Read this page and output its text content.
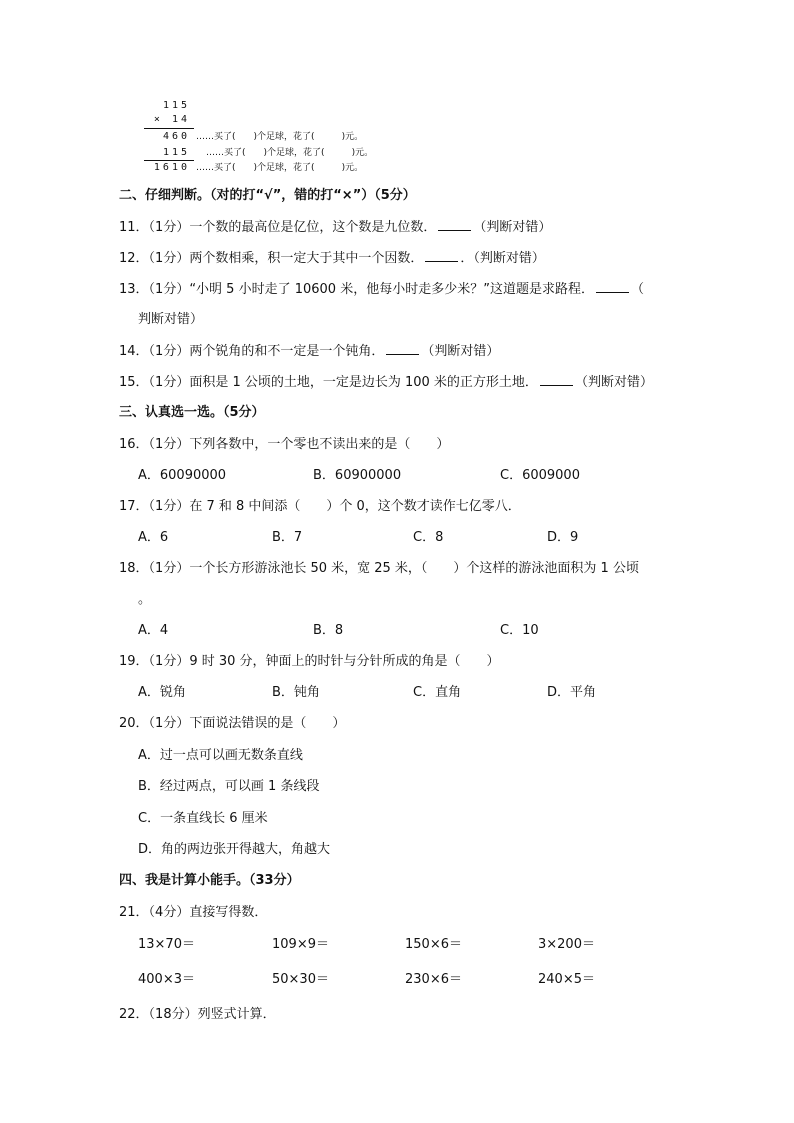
115
× 14
460 ……买了(　　)个足球，花了(　　　)元。
115 ……买了(　　)个足球，花了(　　　)元。
1610 ……买了(　　)个足球，花了(　　　)元。
二、仔细判断。（对的打“√”，错的打“×”）（5分）
11．（1分）一个数的最高位是亿位，这个数是九位数．	（判断对错）
12．（1分）两个数相乘，积一定大于其中一个因数．	．（判断对错）
13．（1分）“小明 5 小时走了 10600 米，他每小时走多少米？”这道题是求路程．	（
判断对错）
14．（1分）两个锐角的和不一定是一个钝角．	（判断对错）
15．（1分）面积是 1 公顷的土地，一定是边长为 100 米的正方形土地．	（判断对错）
三、认真选一选。（5分）
16．（1分）下列各数中，一个零也不读出来的是（　　）
A．60090000	B．60900000	C．6009000
17．（1分）在 7 和 8 中间添（　　）个 0，这个数才读作七亿零八．
A．6	B．7	C．8	D．9
18．（1分）一个长方形游泳池长 50 米，宽 25 米，（　　）个这样的游泳池面积为 1 公顷
。
A．4	B．8	C．10
19．（1分）9 时 30 分，钟面上的时针与分针所成的角是（　　）
A．锐角	B．钝角	C．直角	D．平角
20．（1分）下面说法错误的是（　　）
A．过一点可以画无数条直线
B．经过两点，可以画 1 条线段
C．一条直线长 6 厘米
D．角的两边张开得越大，角越大
四、我是计算小能手。（33分）
21．（4分）直接写得数．
13×70＝	109×9＝	150×6＝	3×200＝
400×3＝	50×30＝	230×6＝	240×5＝
22．（18分）列竖式计算．
